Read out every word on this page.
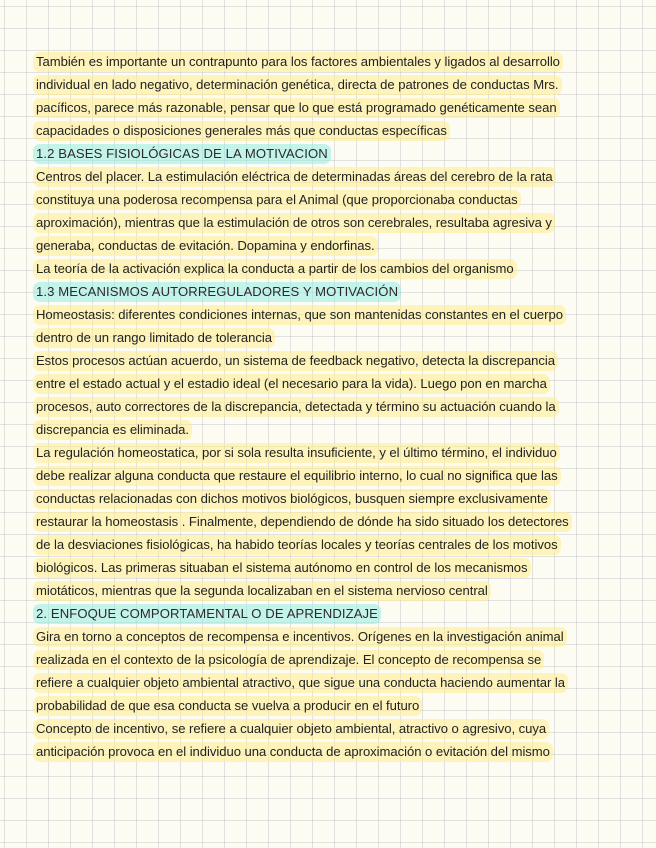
También es importante un contrapunto para los factores ambientales y ligados al desarrollo
individual en lado negativo, determinación genética, directa de patrones de conductas Mrs.
pacíficos, parece más razonable, pensar que lo que está programado genéticamente sean
capacidades o disposiciones generales más que conductas específicas
1.2 BASES FISIOLÓGICAS DE LA MOTIVACION
Centros del placer. La estimulación eléctrica de determinadas áreas del cerebro de la rata
constituya una poderosa recompensa para el Animal (que proporcionaba conductas
aproximación), mientras que la estimulación de otros son cerebrales, resultaba agresiva y
generaba, conductas de evitación. Dopamina y endorfinas.
La teoría de la activación explica la conducta a partir de los cambios del organismo
1.3 MECANISMOS AUTORREGULADORES Y MOTIVACIÓN
Homeostasis: diferentes condiciones internas, que son mantenidas constantes en el cuerpo
dentro de un rango limitado de tolerancia
Estos procesos actúan acuerdo, un sistema de feedback negativo, detecta la discrepancia
entre el estado actual y el estadio ideal (el necesario para la vida). Luego pon en marcha
procesos, auto correctores de la discrepancia, detectada y término su actuación cuando la
discrepancia es eliminada.
La regulación homeostatica, por si sola resulta insuficiente, y el último término, el individuo
debe realizar alguna conducta que restaure el equilibrio interno, lo cual no significa que las
conductas relacionadas con dichos motivos biológicos, busquen siempre exclusivamente
restaurar la homeostasis . Finalmente, dependiendo de dónde ha sido situado los detectores
de la desviaciones fisiológicas, ha habido teorías locales y teorías centrales de los motivos
biológicos. Las primeras situaban el sistema autónomo en control de los mecanismos
miotáticos, mientras que la segunda localizaban en el sistema nervioso central
2. ENFOQUE COMPORTAMENTAL O DE APRENDIZAJE
Gira en torno a conceptos de recompensa e incentivos. Orígenes en la investigación animal
realizada en el contexto de la psicología de aprendizaje. El concepto de recompensa se
refiere a cualquier objeto ambiental atractivo, que sigue una conducta haciendo aumentar la
probabilidad de que esa conducta se vuelva a producir en el futuro
Concepto de incentivo, se refiere a cualquier objeto ambiental, atractivo o agresivo, cuya
anticipación provoca en el individuo una conducta de aproximación o evitación del mismo
